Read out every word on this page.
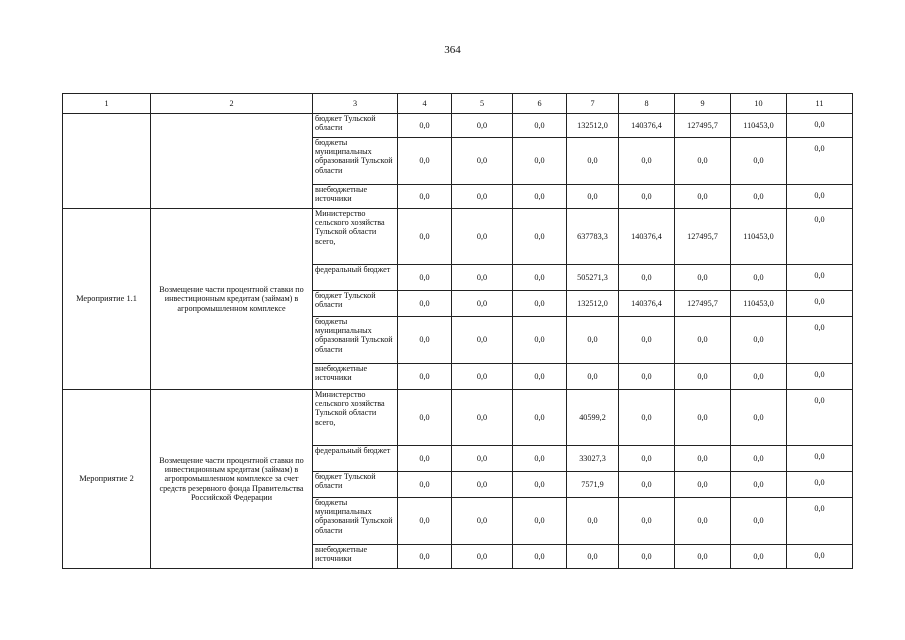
364
1	2	3	4	5	6	7	8	9	10	11
		бюджет Тульской области	0,0	0,0	0,0	132512,0	140376,4	127495,7	110453,0	0,0
		бюджеты муниципальных образований Тульской области	0,0	0,0	0,0	0,0	0,0	0,0	0,0	0,0
		внебюджетные источники	0,0	0,0	0,0	0,0	0,0	0,0	0,0	0,0
Мероприятие 1.1	Возмещение части процентной ставки по инвестиционным кредитам (займам) в агропромышленном комплексе	Министерство сельского хозяйства Тульской области всего,	0,0	0,0	0,0	637783,3	140376,4	127495,7	110453,0	0,0
		федеральный бюджет	0,0	0,0	0,0	505271,3	0,0	0,0	0,0	0,0
		бюджет Тульской области	0,0	0,0	0,0	132512,0	140376,4	127495,7	110453,0	0,0
		бюджеты муниципальных образований Тульской области	0,0	0,0	0,0	0,0	0,0	0,0	0,0	0,0
		внебюджетные источники	0,0	0,0	0,0	0,0	0,0	0,0	0,0	0,0
Мероприятие 2	Возмещение части процентной ставки по инвестиционным кредитам (займам) в агропромышленном комплексе за счет средств резервного фонда Правительства Российской Федерации	Министерство сельского хозяйства Тульской области всего,	0,0	0,0	0,0	40599,2	0,0	0,0	0,0	0,0
		федеральный бюджет	0,0	0,0	0,0	33027,3	0,0	0,0	0,0	0,0
		бюджет Тульской области	0,0	0,0	0,0	7571,9	0,0	0,0	0,0	0,0
		бюджеты муниципальных образований Тульской области	0,0	0,0	0,0	0,0	0,0	0,0	0,0	0,0
		внебюджетные источники	0,0	0,0	0,0	0,0	0,0	0,0	0,0	0,0
